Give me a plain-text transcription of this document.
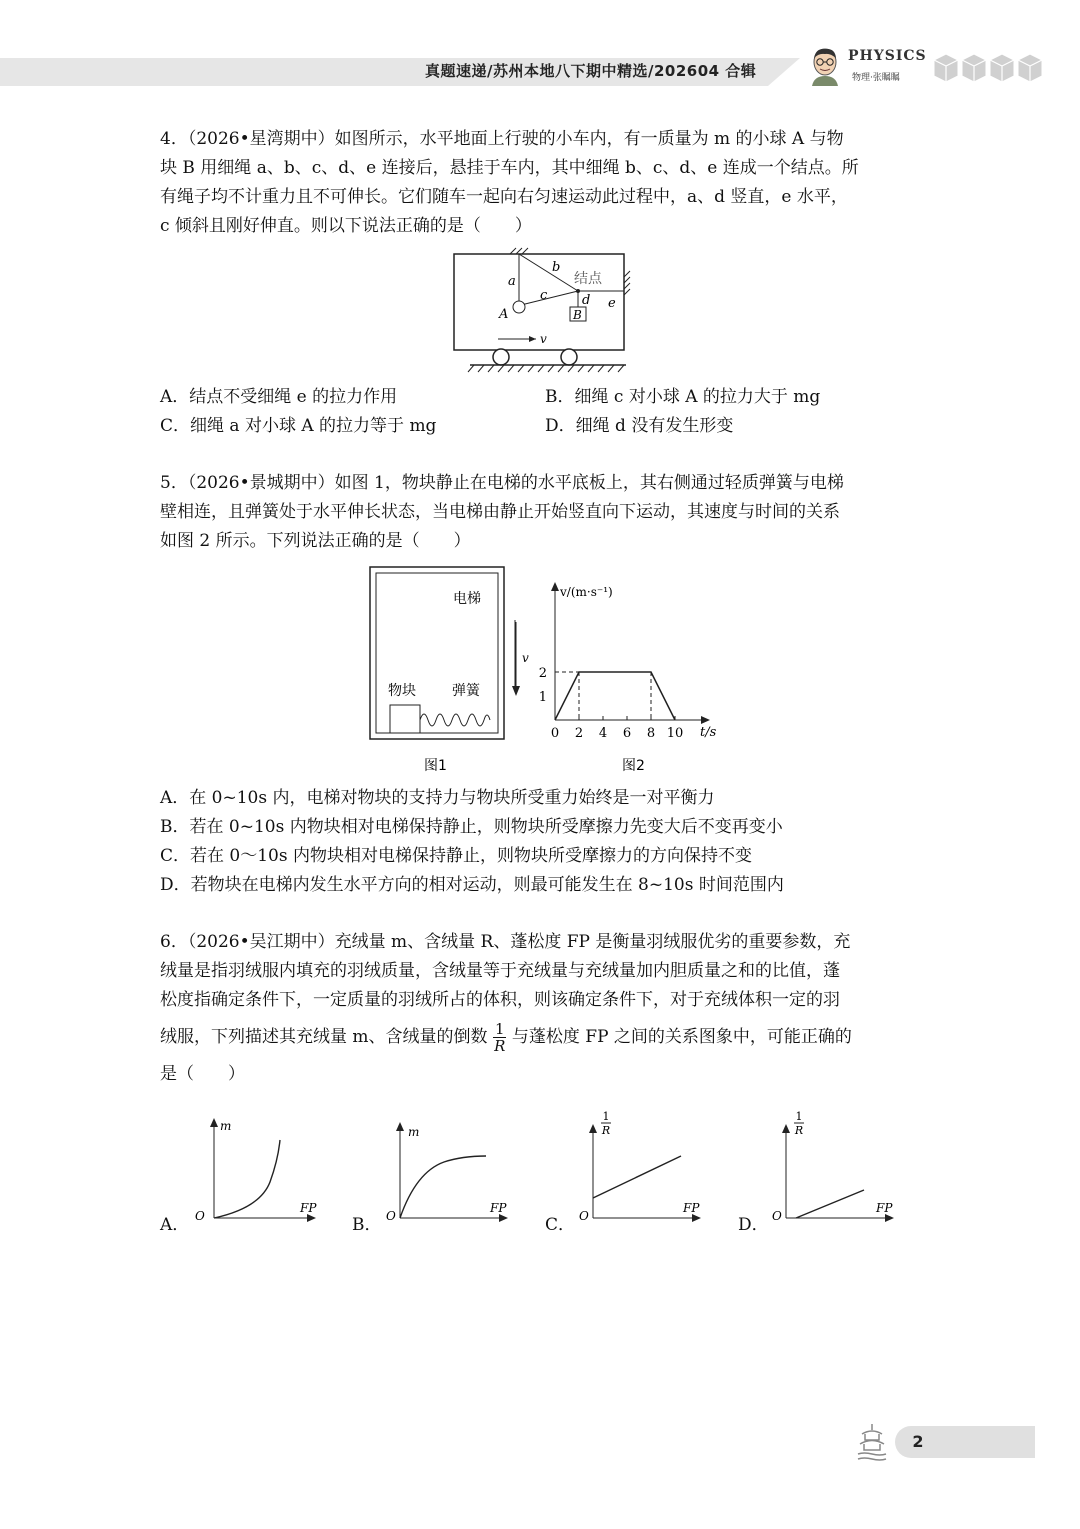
真题速递/苏州本地八下期中精选/202604 合辑
PHYSICS
物理·张瞩瞩

4．（2026•星湾期中）如图所示，水平地面上行驶的小车内，有一质量为 m 的小球 A 与物

块 B 用细绳 a、b、c、d、e 连接后，悬挂于车内，其中细绳 b、c、d、e 连成一个结点。所

有绳子均不计重力且不可伸长。它们随车一起向右匀速运动此过程中，a、d 竖直，e 水平，

c 倾斜且刚好伸直。则以下说法正确的是（　　）

a
b
c	d e
结点
A	B
v
A．结点不受细绳 e 的拉力作用	B．细绳 c 对小球 A 的拉力大于 mg
C．细绳 a 对小球 A 的拉力等于 mg	D．细绳 d 没有发生形变

5．（2026•景城期中）如图 1，物块静止在电梯的水平底板上，其右侧通过轻质弹簧与电梯

壁相连，且弹簧处于水平伸长状态，当电梯由静止开始竖直向下运动，其速度与时间的关系

如图 2 所示。下列说法正确的是（　　）

电梯
物块	弹簧
图1
v
v/(m·s⁻¹)
t/s
0 2 4 6 8 10
1
2
图2
A．在 0~10s 内，电梯对物块的支持力与物块所受重力始终是一对平衡力
B．若在 0~10s 内物块相对电梯保持静止，则物块所受摩擦力先变大后不变再变小
C．若在 0～10s 内物块相对电梯保持静止，则物块所受摩擦力的方向保持不变
D．若物块在电梯内发生水平方向的相对运动，则最可能发生在 8~10s 时间范围内

6．（2026•吴江期中）充绒量 m、含绒量 R、蓬松度 FP 是衡量羽绒服优劣的重要参数，充

绒量是指羽绒服内填充的羽绒质量，含绒量等于充绒量与充绒量加内胆质量之和的比值，蓬

松度指确定条件下，一定质量的羽绒所占的体积，则该确定条件下，对于充绒体积一定的羽

绒服，下列描述其充绒量 m、含绒量的倒数 $\frac{1}{R}$ 与蓬松度 FP 之间的关系图象中，可能正确的

是（　　）

A．
m
FP
O	B．
m
FP
O	C．
1
R
FP
O	D．
1
R
FP
O
2
